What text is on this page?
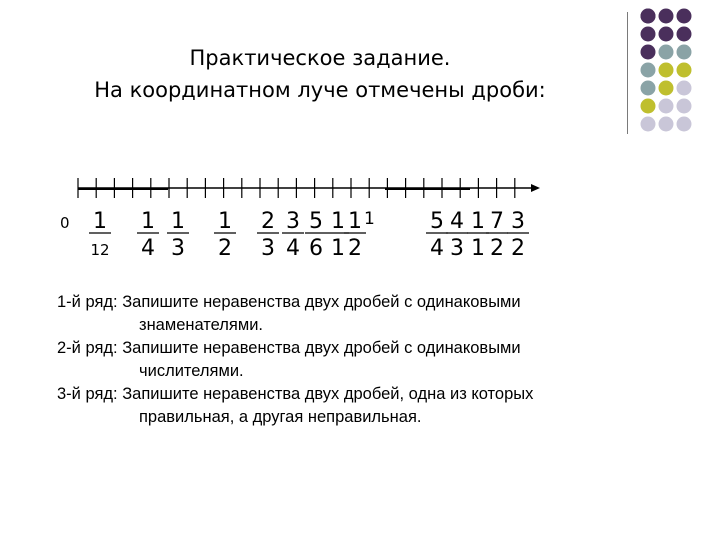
Практическое задание.
На координатном луче отмечены дроби:
0	1
1
12
1
4
1
3
1
2
2
3
3
4
5
6
1
1
1
2
5
4
4
3
1
1
7
2
3
2
1-й ряд: Запишите неравенства двух дробей с одинаковыми
знаменателями.
2-й ряд: Запишите неравенства двух дробей с одинаковыми
числителями.
3-й ряд: Запишите неравенства двух дробей, одна из которых
правильная, а другая неправильная.
